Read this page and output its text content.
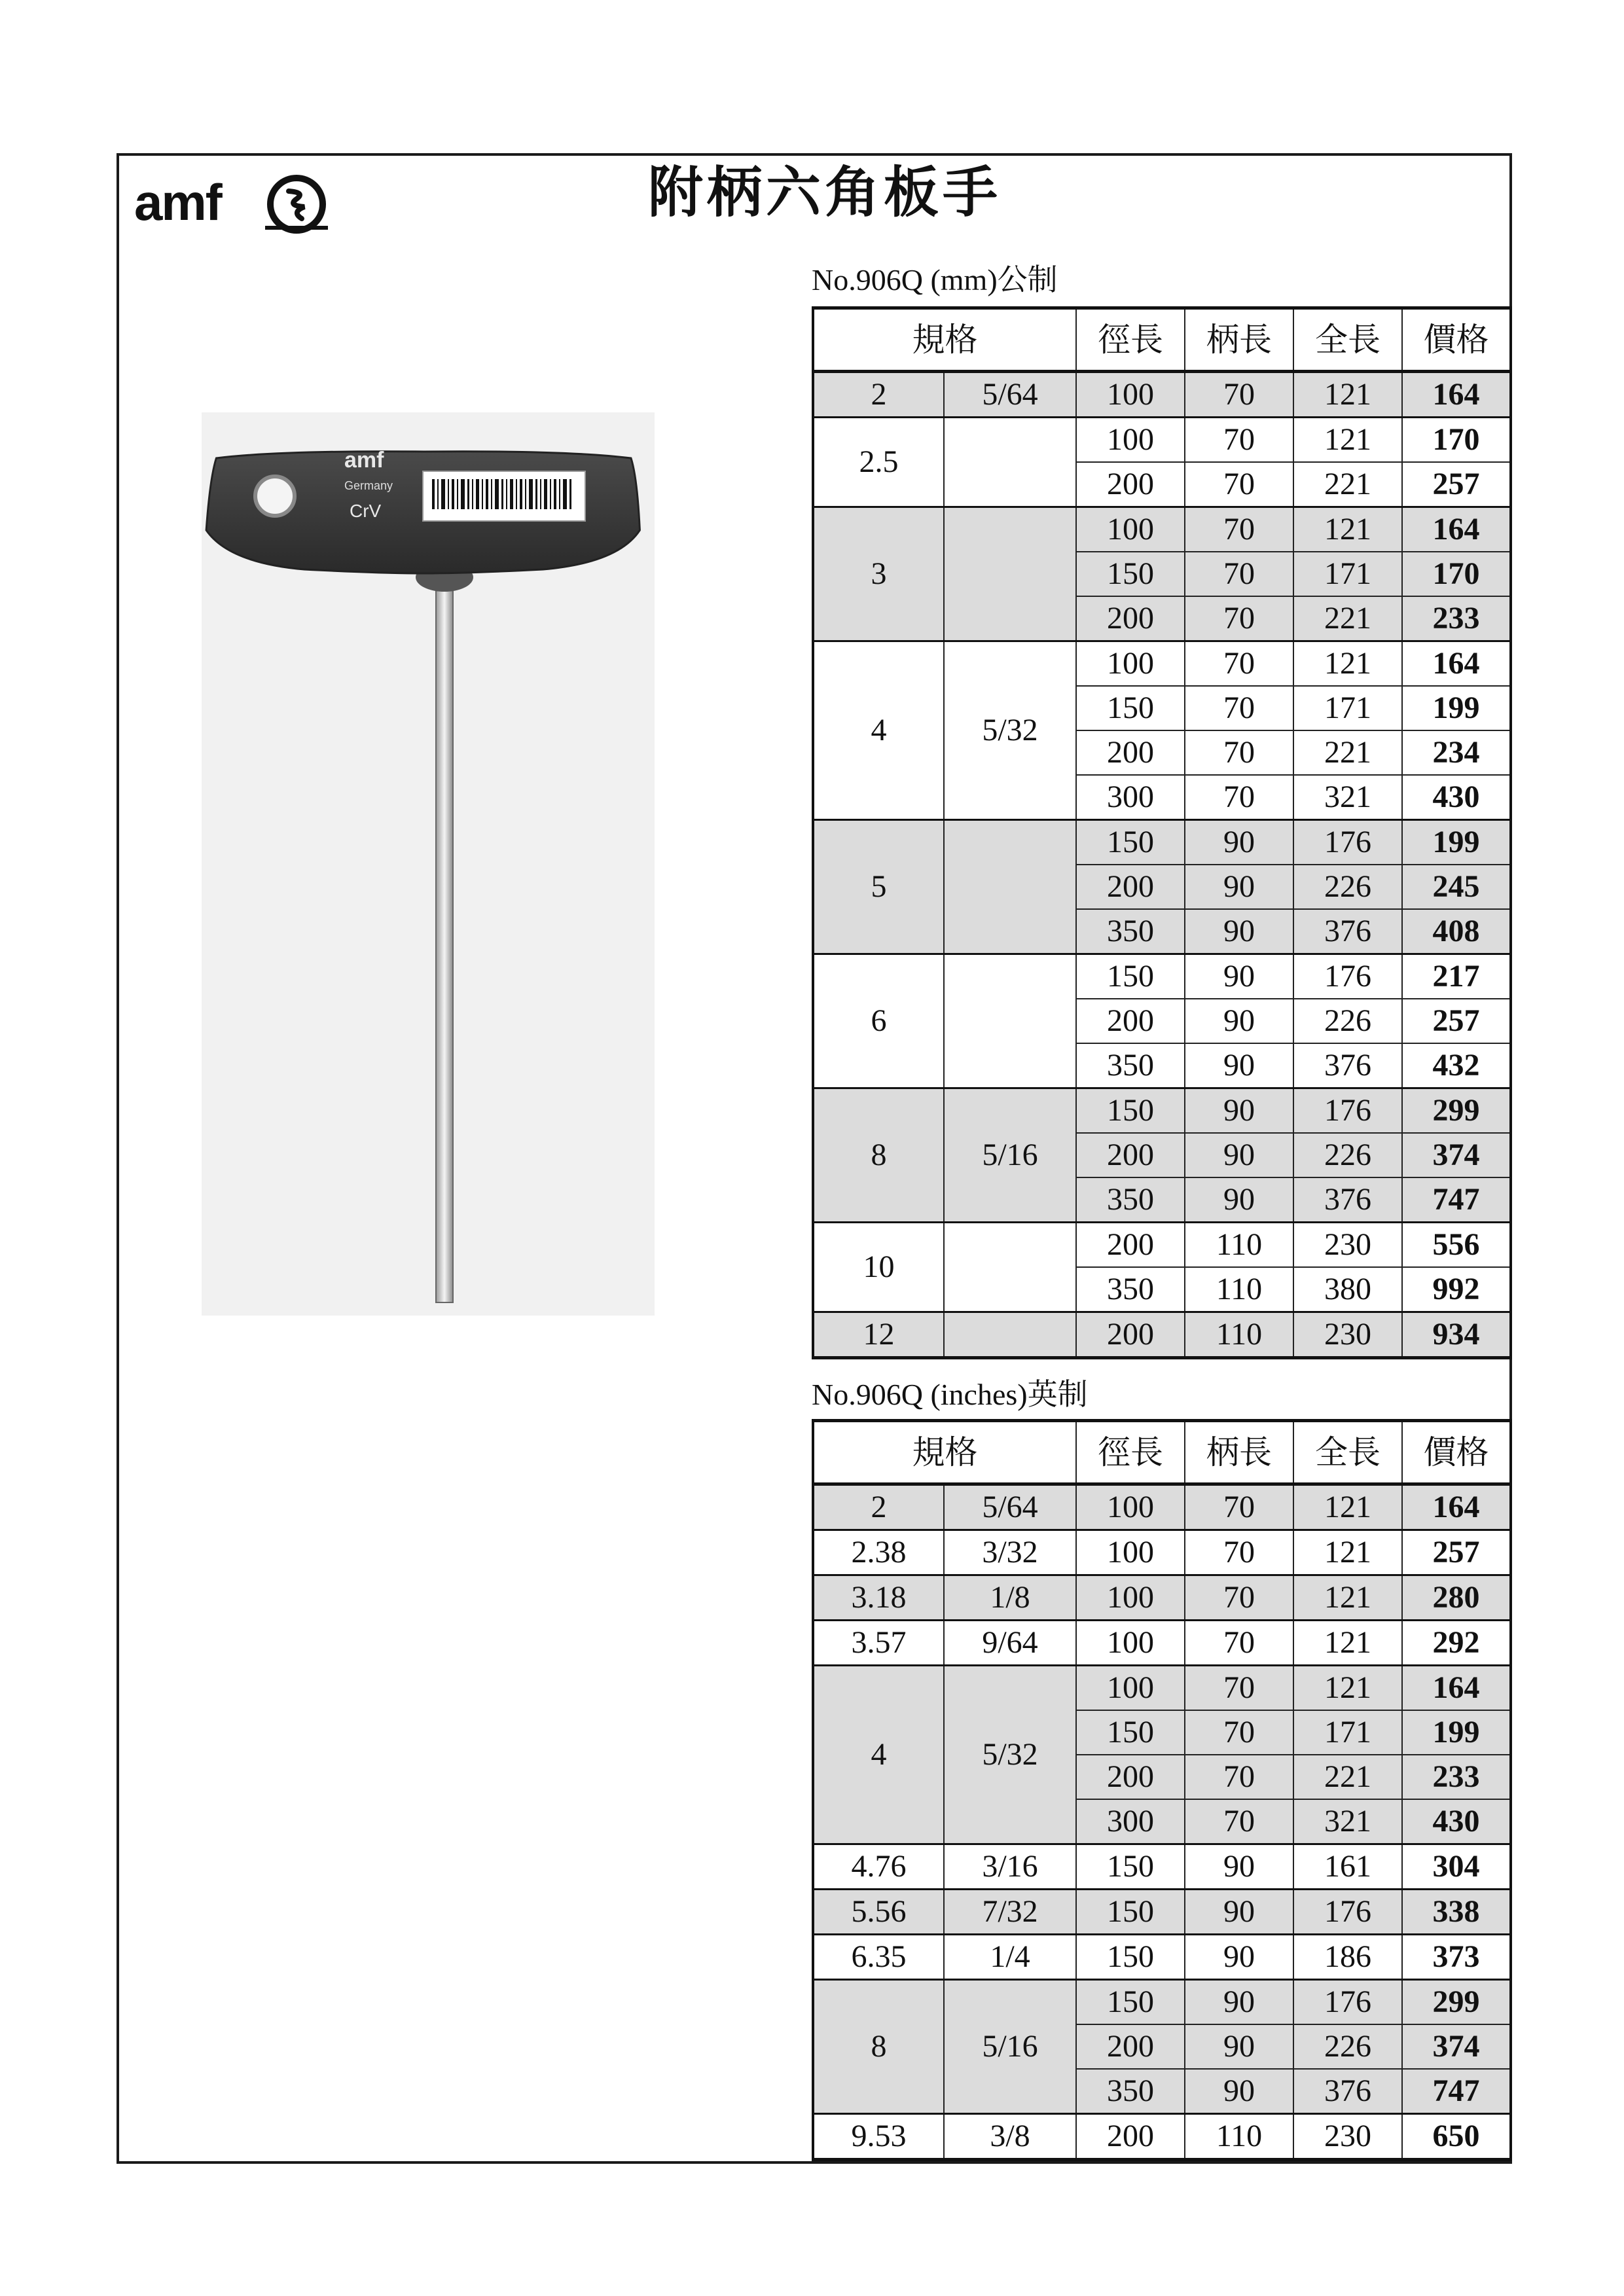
amf	附柄六角板手
amf
Germany
CrV
No.906Q (mm)公制
規格		徑長	柄長	全長	價格
2	5/64	100	70	121	164
2.5		100	70	121	170
		200	70	221	257
3		100	70	121	164
		150	70	171	170
		200	70	221	233
4	5/32	100	70	121	164
		150	70	171	199
		200	70	221	234
		300	70	321	430
5		150	90	176	199
		200	90	226	245
		350	90	376	408
6		150	90	176	217
		200	90	226	257
		350	90	376	432
8	5/16	150	90	176	299
		200	90	226	374
		350	90	376	747
10		200	110	230	556
		350	110	380	992
12		200	110	230	934
No.906Q (inches)英制
規格		徑長	柄長	全長	價格
2	5/64	100	70	121	164
2.38	3/32	100	70	121	257
3.18	1/8	100	70	121	280
3.57	9/64	100	70	121	292
4	5/32	100	70	121	164
		150	70	171	199
		200	70	221	233
		300	70	321	430
4.76	3/16	150	90	161	304
5.56	7/32	150	90	176	338
6.35	1/4	150	90	186	373
8	5/16	150	90	176	299
		200	90	226	374
		350	90	376	747
9.53	3/8	200	110	230	650
